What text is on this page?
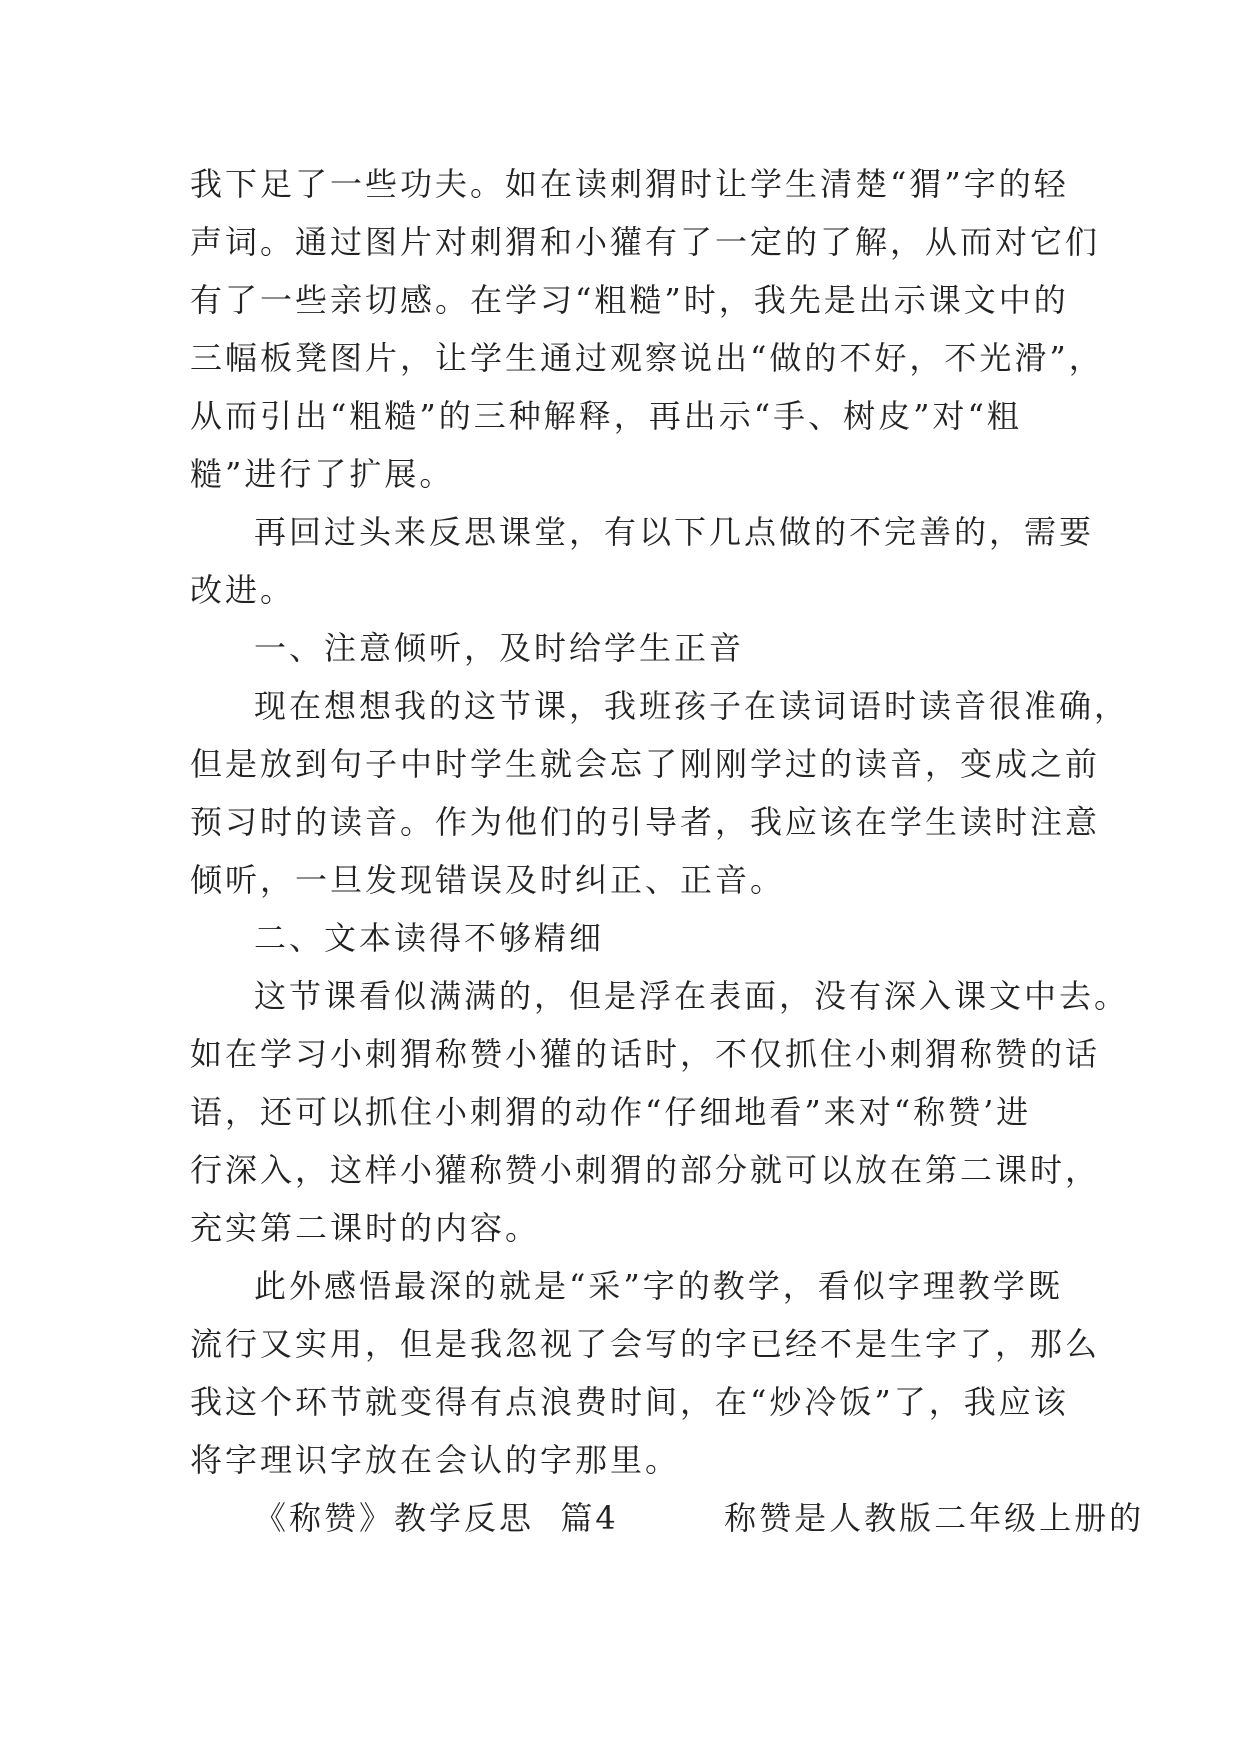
我下足了一些功夫。如在读刺猬时让学生清楚“猬”字的轻
声词。通过图片对刺猬和小獾有了一定的了解，从而对它们
有了一些亲切感。在学习“粗糙”时，我先是出示课文中的
三幅板凳图片，让学生通过观察说出“做的不好，不光滑”，
从而引出“粗糙”的三种解释，再出示“手、树皮”对“粗
糙”进行了扩展。
再回过头来反思课堂，有以下几点做的不完善的，需要
改进。
一、注意倾听，及时给学生正音
现在想想我的这节课，我班孩子在读词语时读音很准确，
但是放到句子中时学生就会忘了刚刚学过的读音，变成之前
预习时的读音。作为他们的引导者，我应该在学生读时注意
倾听，一旦发现错误及时纠正、正音。
二、文本读得不够精细
这节课看似满满的，但是浮在表面，没有深入课文中去。
如在学习小刺猬称赞小獾的话时，不仅抓住小刺猬称赞的话
语，还可以抓住小刺猬的动作“仔细地看”来对“称赞’进
行深入，这样小獾称赞小刺猬的部分就可以放在第二课时，
充实第二课时的内容。
此外感悟最深的就是“采”字的教学，看似字理教学既
流行又实用，但是我忽视了会写的字已经不是生字了，那么
我这个环节就变得有点浪费时间，在“炒冷饭”了，我应该
将字理识字放在会认的字那里。
《称赞》教学反思  篇4        称赞是人教版二年级上册的
